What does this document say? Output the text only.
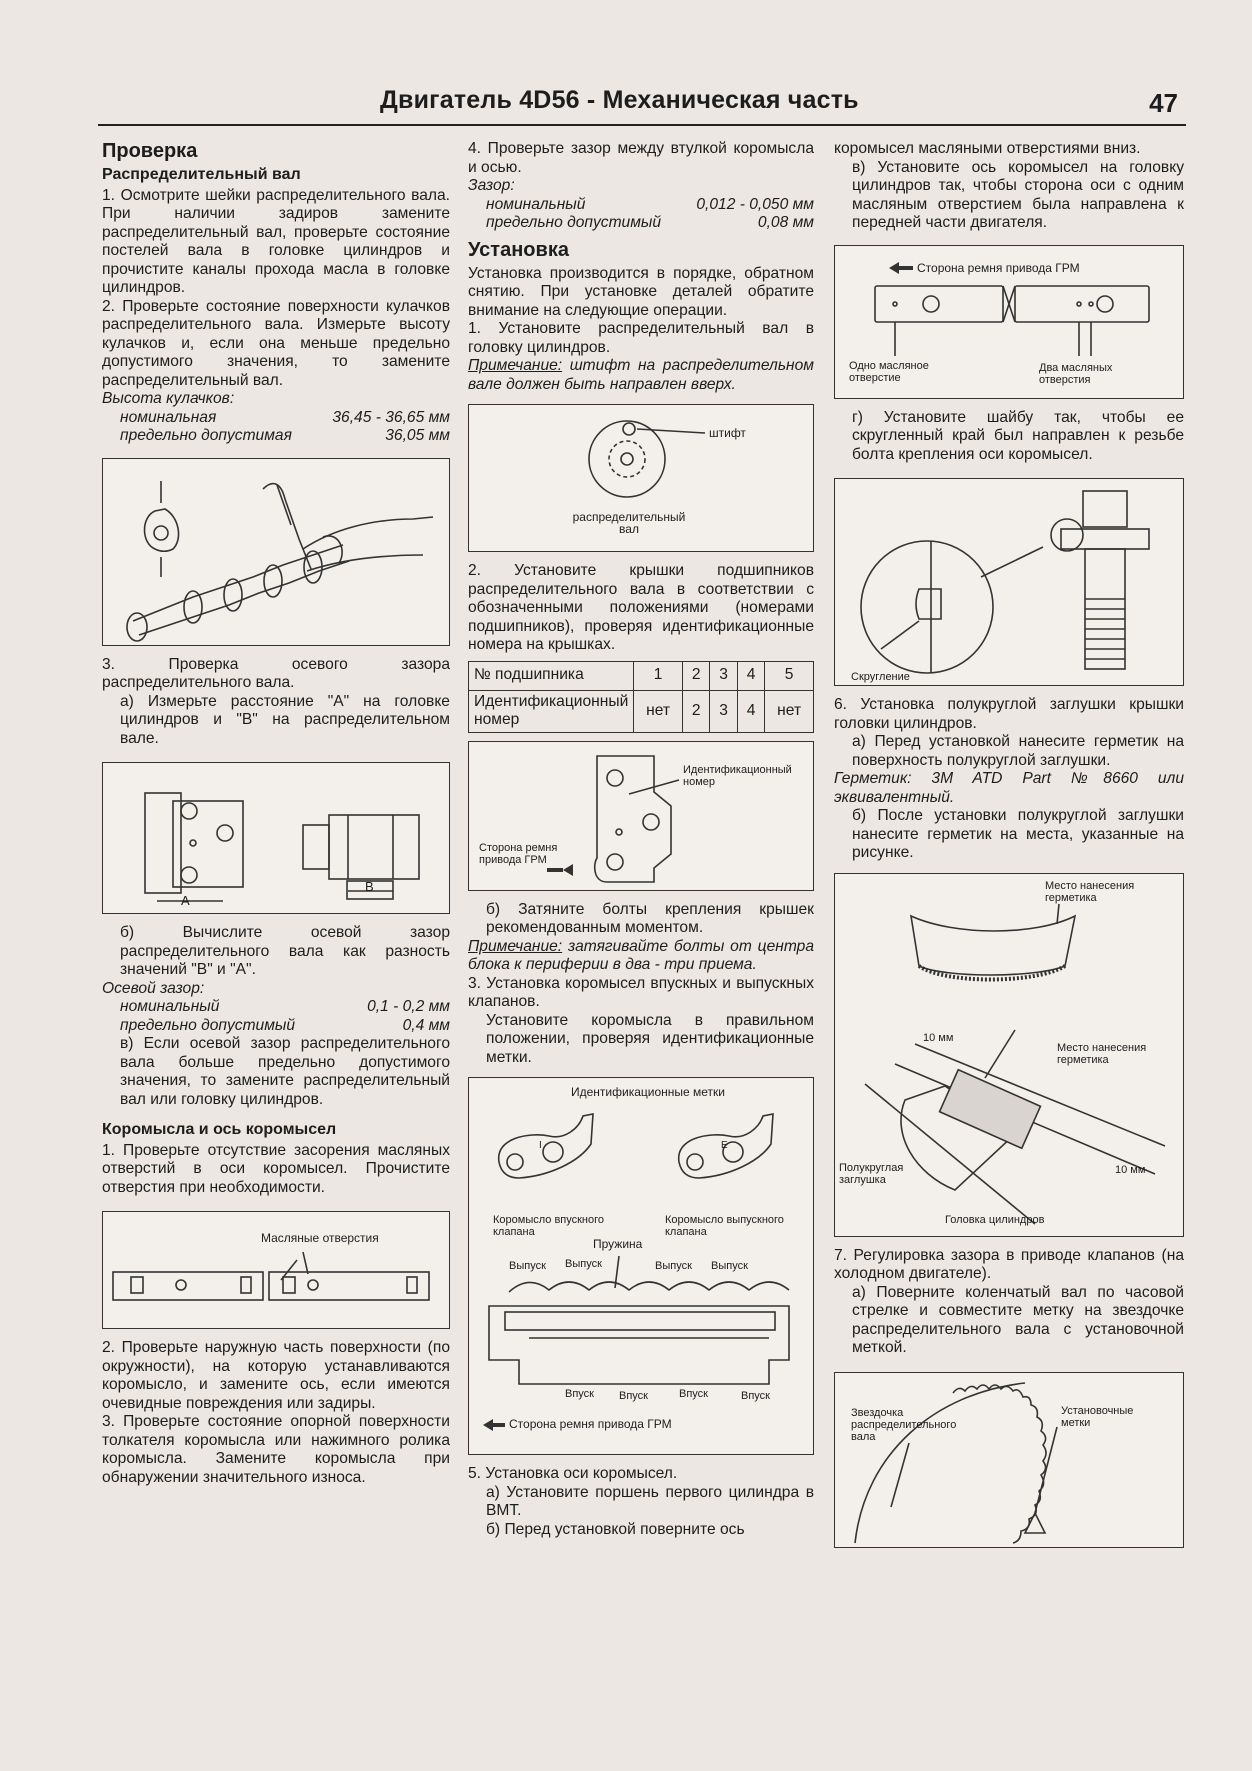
Двигатель 4D56 - Механическая часть	47
Проверка
Распределительный вал

1. Осмотрите шейки распределительного вала. При наличии задиров замените распределительный вал, проверьте состояние постелей вала в головке цилиндров и прочистите каналы прохода масла в головке цилиндров.

2. Проверьте состояние поверхности кулачков распределительного вала. Измерьте высоту кулачков и, если она меньше предельно допустимого значения, то замените распределительный вал.

Высота кулачков:

номинальная	36,45 - 36,65 мм
предельно допустимая	36,05 мм

3. Проверка осевого зазора распределительного вала.

а) Измерьте расстояние "A" на головке цилиндров и "B" на распределительном вале.

A
B

б) Вычислите осевой зазор распределительного вала как разность значений "B" и "A".

Осевой зазор:

номинальный	0,1 - 0,2 мм
предельно допустимый	0,4 мм

в) Если осевой зазор распределительного вала больше предельно допустимого значения, то замените распределительный вал или головку цилиндров.

Коромысла и ось коромысел

1. Проверьте отсутствие засорения масляных отверстий в оси коромысел. Прочистите отверстия при необходимости.

Масляные отверстия

2. Проверьте наружную часть поверхности (по окружности), на которую устанавливаются коромысло, и замените ось, если имеются очевидные повреждения или задиры.

3. Проверьте состояние опорной поверхности толкателя коромысла или нажимного ролика коромысла. Замените коромысла при обнаружении значительного износа.

4. Проверьте зазор между втулкой коромысла и осью.

Зазор:

номинальный	0,012 - 0,050 мм
предельно допустимый	0,08 мм
Установка

Установка производится в порядке, обратном снятию. При установке деталей обратите внимание на следующие операции.

1. Установите распределительный вал в головку цилиндров.

Примечание: штифт на распределительном вале должен быть направлен вверх.

штифт
распределительный вал

2. Установите крышки подшипников распределительного вала в соответствии с обозначенными положениями (номерами подшипников), проверяя идентификационные номера на крышках.

№ подшипника	1	2	3	4	5
Идентификационный номер	нет	2	3	4	нет
Идентификационный номер
Сторона ремня привода ГРМ

б) Затяните болты крепления крышек рекомендованным моментом.

Примечание: затягивайте болты от центра блока к периферии в два - три приема.

3. Установка коромысел впускных и выпускных клапанов.

Установите коромысла в правильном положении, проверяя идентификационные метки.

Идентификационные метки
I	E
Коромысло впускного клапана
Коромысло выпускного клапана
Пружина
Выпуск Выпуск	Выпуск Выпуск
Впуск Впуск	Впуск	Впуск
Сторона ремня привода ГРМ

5. Установка оси коромысел.

а) Установите поршень первого цилиндра в ВМТ.

б) Перед установкой поверните ось

коромысел масляными отверстиями вниз.

в) Установите ось коромысел на головку цилиндров так, чтобы сторона оси с одним масляным отверстием была направлена к передней части двигателя.

Сторона ремня привода ГРМ
Одно масляное отверстие
Два масляных отверстия

г) Установите шайбу так, чтобы ее скругленный край был направлен к резьбе болта крепления оси коромысел.

Скругление

6. Установка полукруглой заглушки крышки головки цилиндров.

а) Перед установкой нанесите герметик на поверхность полукруглой заглушки.

Герметик: 3M ATD Part №8660 или эквивалентный.

б) После установки полукруглой заглушки нанесите герметик на места, указанные на рисунке.

Место нанесения герметика
Место нанесения герметика
10 мм
10 мм
Полукруглая заглушка
Головка цилиндров

7. Регулировка зазора в приводе клапанов (на холодном двигателе).

а) Поверните коленчатый вал по часовой стрелке и совместите метку на звездочке распределительного вала с установочной меткой.

Звездочка распределительного вала
Установочные метки
